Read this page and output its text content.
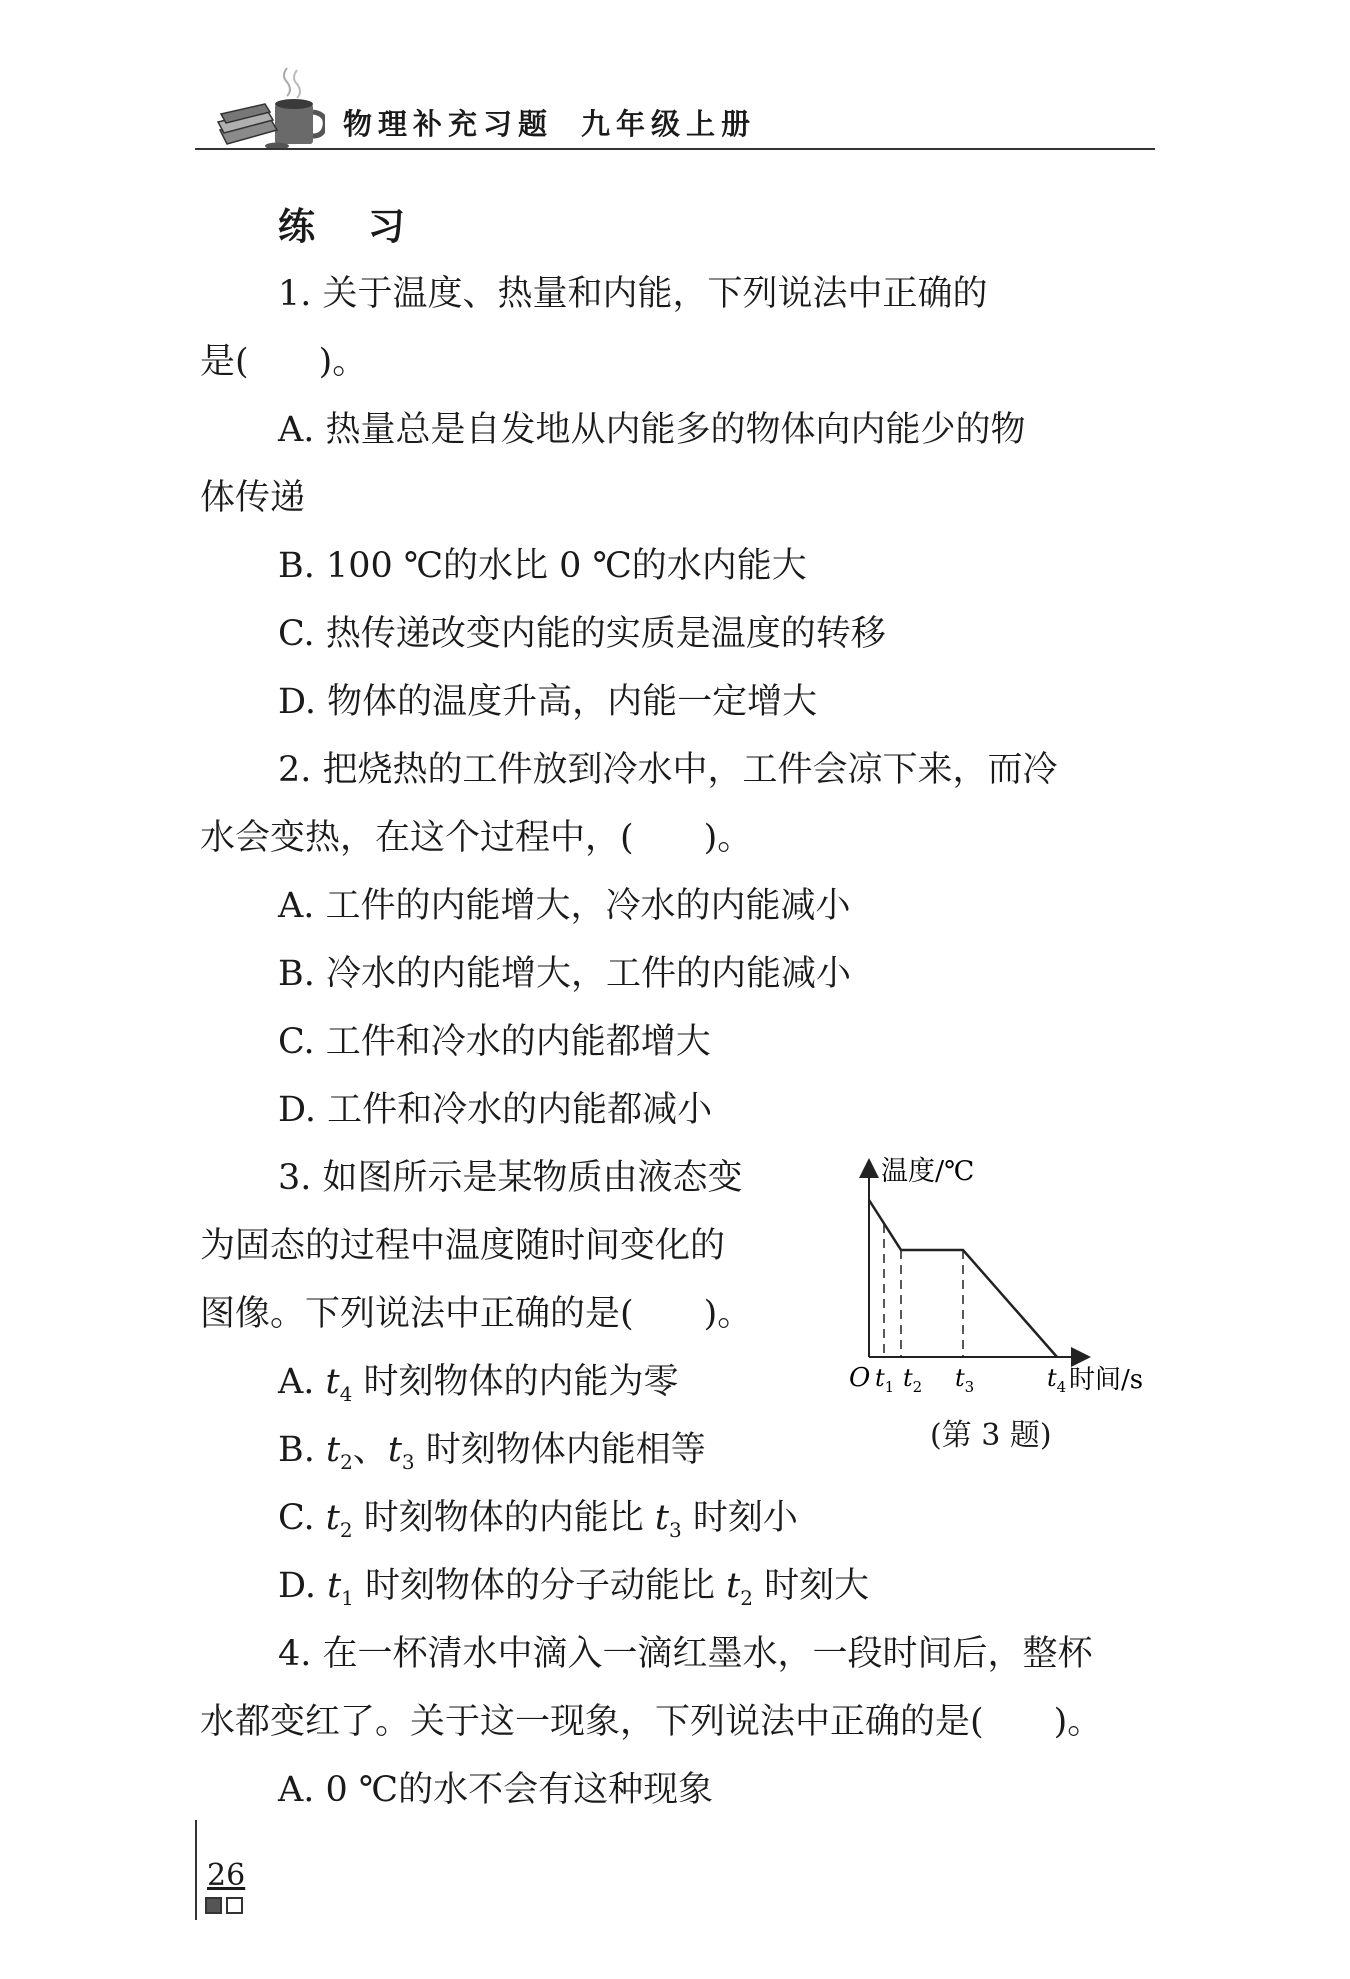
物理补充习题 九年级上册
练 习
1. 关于温度、热量和内能，下列说法中正确的
是(　　)。
A. 热量总是自发地从内能多的物体向内能少的物
体传递
B. 100 ℃的水比 0 ℃的水内能大
C. 热传递改变内能的实质是温度的转移
D. 物体的温度升高，内能一定增大
2. 把烧热的工件放到冷水中，工件会凉下来，而冷
水会变热，在这个过程中，(　　)。
A. 工件的内能增大，冷水的内能减小
B. 冷水的内能增大，工件的内能减小
C. 工件和冷水的内能都增大
D. 工件和冷水的内能都减小
3. 如图所示是某物质由液态变
为固态的过程中温度随时间变化的
图像。下列说法中正确的是(　　)。
A. $t_4$ 时刻物体的内能为零
B. $t_2$、$t_3$ 时刻物体内能相等
C. $t_2$ 时刻物体的内能比 $t_3$ 时刻小
D. $t_1$ 时刻物体的分子动能比 $t_2$ 时刻大
温度/℃
O $t_1$ $t_2$ $t_3$	$t_4$ 时间/s
(第 3 题)
4. 在一杯清水中滴入一滴红墨水，一段时间后，整杯
水都变红了。关于这一现象，下列说法中正确的是(　　)。
A. 0 ℃的水不会有这种现象
26
